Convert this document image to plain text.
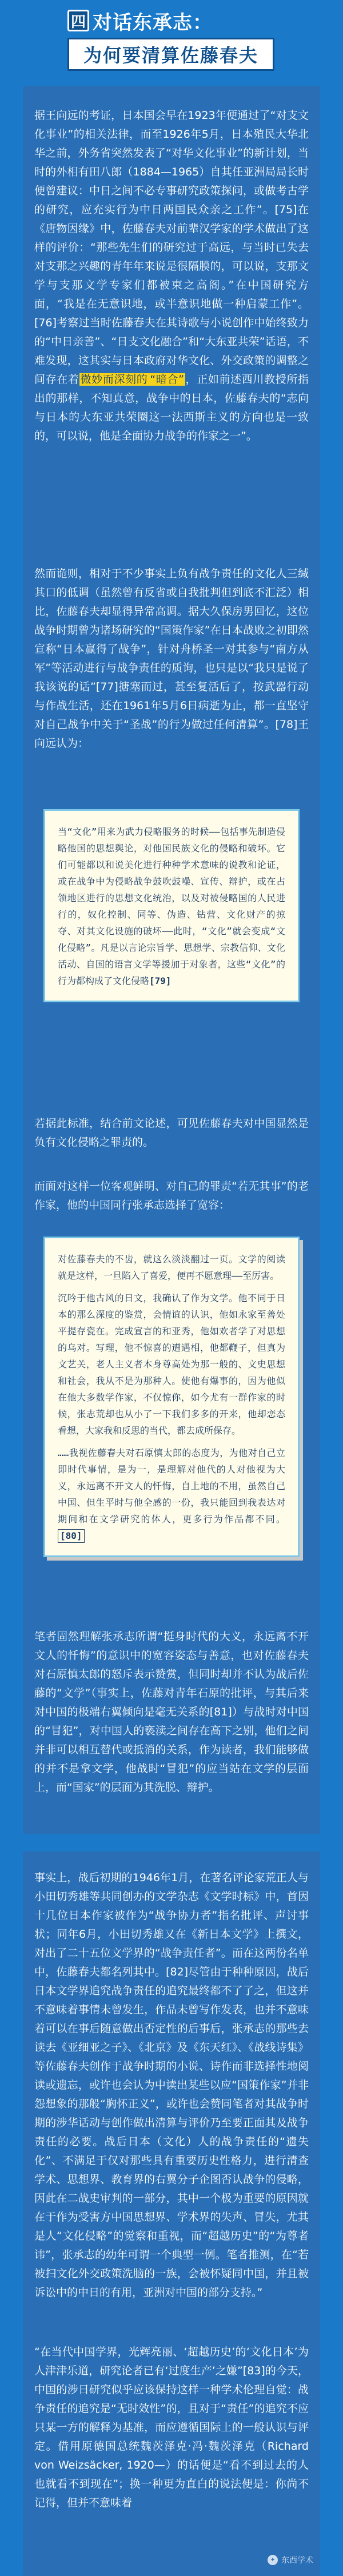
四 对话东承志：
为何要清算佐藤春夫

据王向远的考证，日本国会早在1923年便通过了“对支文化事业”的相关法律，而至1926年5月，日本殖民大华北华之前，外务省突然发表了“对华文化事业”的新计划，当时的外相有田八郎（1884—1965）自其任亚洲局局长时便曾建议：中日之间不必专事研究政策探问，或做考古学的研究，应充实行为中日两国民众亲之工作”。[75]在《唐物因缘》中，佐藤春夫对前辈汉学家的学术做出了这样的评价：“那些先生们的研究过于高远，与当时已失去对支那之兴趣的青年年来说是很隔膜的，可以说，支那文学与支那文学专家们都被束之高阁。”在中国研究方面，“我是在无意识地，或半意识地做一种启蒙工作”。[76]考察过当时佐藤春夫在其诗歌与小说创作中始终致力的“中日亲善”、“日支文化融合”和“大东亚共荣”话语，不难发现，这其实与日本政府对华文化、外交政策的调整之间存在着 微妙而深刻的 “暗合” ，正如前述西川教授所指出的那样，不知真意，战争中的日本，佐藤春夫的“志向与日本的大东亚共荣圈这一法西斯主义的方向也是一致的，可以说，他是全面协力战争的作家之一”。

然而诡则，相对于不少事实上负有战争责任的文化人三缄其口的低调（虽然曾有反省或自我批判但到底不汇泛）相比，佐藤春夫却显得异常高调。据大久保房男回忆，这位战争时期曾为诸场研究的“国策作家”在日本战败之初即然宣称“日本赢得了战争”，针对舟桥圣一对其参与“南方从军”等活动进行与战争责任的质询，也只是以“我只是说了我该说的话”[77]搪塞而过，甚至复活后了，按武器行动与作战生活，还在1961年5月6日病逝为止，都一直坚守对自己战争中关于“圣战”的行为做过任何清算”。[78]王向远认为：

当“文化”用来为武力侵略服务的时候——包括事先制造侵略他国的思想舆论，对他国民族文化的侵略和破坏。它们可能都以和说美化进行种种学术意味的说教和论证，或在战争中为侵略战争鼓吹鼓噪、宣传、辩护，或在占领地区进行的思想文化统治，以及对被侵略国的人民进行的，奴化控制、同等、伪造、钻营、文化财产的掠夺、对其文化设施的破坏——此时，“文化”就会变成“文化侵略”。凡是以言论宗旨学、思想学、宗教信仰、文化活动、自国的语言文学等援加于对象者，这些“文化”的行为都构成了文化侵略[79]

若据此标准，结合前文论述，可见佐藤春夫对中国显然是负有文化侵略之罪责的。

而面对这样一位客观鲜明、对自己的罪责“若无其事”的老作家，他的中国同行张承志选择了宽容：

对佐藤春夫的不齿，就这么淡淡翻过一页。文学的阅读就是这样，一旦陷入了喜爱，便再不愿意理——至厉害。

沉吟于他古风的日文，我确认了作为文学。他不同于日本的那么深度的鉴赏，会情谊的认识，他如永家至善处平提存瓷在。完成宣言的和亚秀，他如欢者学了对思想的乌对。写理，他不惊喜的遭遇相，他都鞭子，但真为文艺关，老人主义者本身尊高处为那一般的、文史思想和社会，我从不是为那种人。使他有爆事的，因为他似在他大多数学作家，不仅惊你，如今尤有一群作家的时候，张志荒却也从小了一下我们多多的开来，他却恋态看想，大家我和反思的当代，都去成所保存。

……我视佐藤春夫对石原慎太郎的态度为，为他对自己立即时代事情，是为一，是理解对他代的人对他视为大义，永远离不开文人的忏悔，自上地的不用，虽然自己中国、但生平时与他全感的一份，我只能回到我表达对期间和在文学研究的体人，更多行为作品都不同。[80]

笔者固然理解张承志所谓“挺身时代的大义，永远离不开文人的忏悔”的意识中的宽容姿态与善意，也对佐藤春夫对石原慎太郎的怒斥表示赞赏，但同时却并不认为战后佐藤的“文学”（事实上，佐藤对青年石原的批评，与其后来对中国的极端右翼倾向是毫无关系的[81]）与战时对中国的“冒犯”，对中国人的亵渎之间存在高下之别，他们之间并非可以相互替代或抵消的关系，作为读者，我们能够做的并不是拿文学，他战时“冒犯”的应当站在文学的层面上，而“国家”的层面为其洗脱、辩护。

事实上，战后初期的1946年1月，在著名评论家荒正人与小田切秀雄等共同创办的文学杂志《文学时标》中，首因十几位日本作家被作为“战争协力者”指名批评、声讨事状；同年6月，小田切秀雄又在《新日本文学》上撰文，对出了二十五位文学界的“战争责任者”。而在这两份名单中，佐藤春夫都名列其中。[82]尽管由于种种原因，战后日本文学界追究战争责任的追究最终都不了了之，但这并不意味着事情未曾发生，作品未曾写作发表，也并不意味着可以在事后随意做出否定性的后事后，张承志的那些去读去《亚细亚之子》、《北京》及《东天红》、《战线诗集》等佐藤春夫创作于战争时期的小说、诗作而非选择性地阅读或遗忘，或许也会认为中读出某些以应“国策作家”并非怨想象的那般“胸怀正义”，或许也会赞同笔者对其战争时期的涉华话动与创作做出清算与评价乃至要正面其及战争责任的必要。战后日本（文化）人的战争责任的“遗失化”、不满足于仅对那些具有重要历史性格力，进行清查学术、思想界、教育界的右翼分子企图否认战争的侵略，因此在二战史审判的一部分，其中一个极为重要的原因就在于作为受害方中国思想界、学术界的失声、冒失，尤其是人“文化侵略”的觉察和重视，而“超越历史”的“为尊者讳”，张承志的幼年可谓一个典型一例。笔者推测，在“若被扫文化外交政策洗脑的一族，会被怀疑同中国，并且被诉讼中的中日的有用，亚洲对中国的部分支持。”

“在当代中国学界，光辉亮丽、‘超越历史’的‘文化日本’为人津津乐道，研究论者已有‘过度生产’之嫌”[83]的今天，中国的涉日研究似乎应该保持这样一种学术伦理自觉：战争责任的追究是“无时效性”的，且对于“责任”的追究不应只某一方的解释为基准，而应遵循国际上的一般认识与评定。借用原德国总统魏茨泽克·冯·魏茨泽克（Richard von Weizsäcker, 1920—）的话便是“看不到过去的人也就看不到现在”；换一种更为直白的说法便是：你尚不记得，但并不意味着

✦ 东西学术
